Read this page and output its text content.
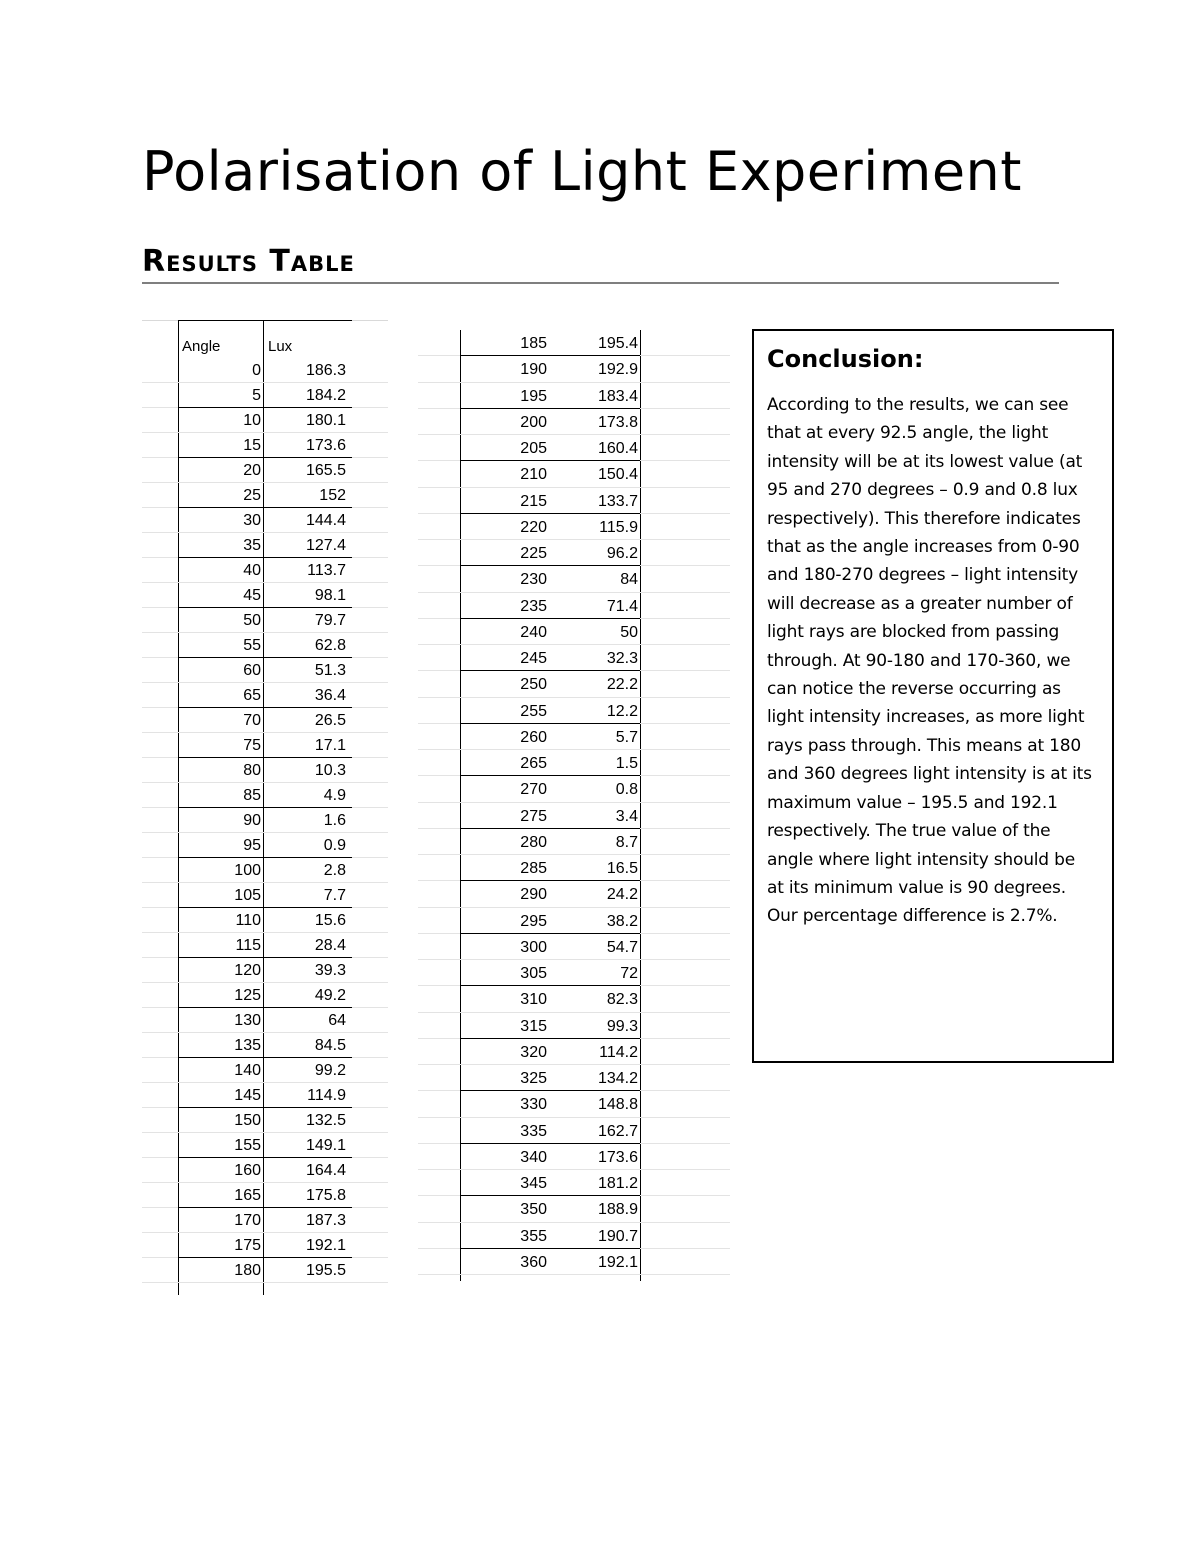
Polarisation of Light Experiment
Results Table
Angle	Lux
0	186.3
5	184.2
10	180.1
15	173.6
20	165.5
25	152
30	144.4
35	127.4
40	113.7
45	98.1
50	79.7
55	62.8
60	51.3
65	36.4
70	26.5
75	17.1
80	10.3
85	4.9
90	1.6
95	0.9
100	2.8
105	7.7
110	15.6
115	28.4
120	39.3
125	49.2
130	64
135	84.5
140	99.2
145	114.9
150	132.5
155	149.1
160	164.4
165	175.8
170	187.3
175	192.1
180	195.5
185	195.4
190	192.9
195	183.4
200	173.8
205	160.4
210	150.4
215	133.7
220	115.9
225	96.2
230	84
235	71.4
240	50
245	32.3
250	22.2
255	12.2
260	5.7
265	1.5
270	0.8
275	3.4
280	8.7
285	16.5
290	24.2
295	38.2
300	54.7
305	72
310	82.3
315	99.3
320	114.2
325	134.2
330	148.8
335	162.7
340	173.6
345	181.2
350	188.9
355	190.7
360	192.1
Conclusion:
According to the results, we can see
that at every 92.5 angle, the light
intensity will be at its lowest value (at
95 and 270 degrees – 0.9 and 0.8 lux
respectively). This therefore indicates
that as the angle increases from 0-90
and 180-270 degrees – light intensity
will decrease as a greater number of
light rays are blocked from passing
through. At 90-180 and 170-360, we
can notice the reverse occurring as
light intensity increases, as more light
rays pass through. This means at 180
and 360 degrees light intensity is at its
maximum value – 195.5 and 192.1
respectively. The true value of the
angle where light intensity should be
at its minimum value is 90 degrees.
Our percentage difference is 2.7%.
